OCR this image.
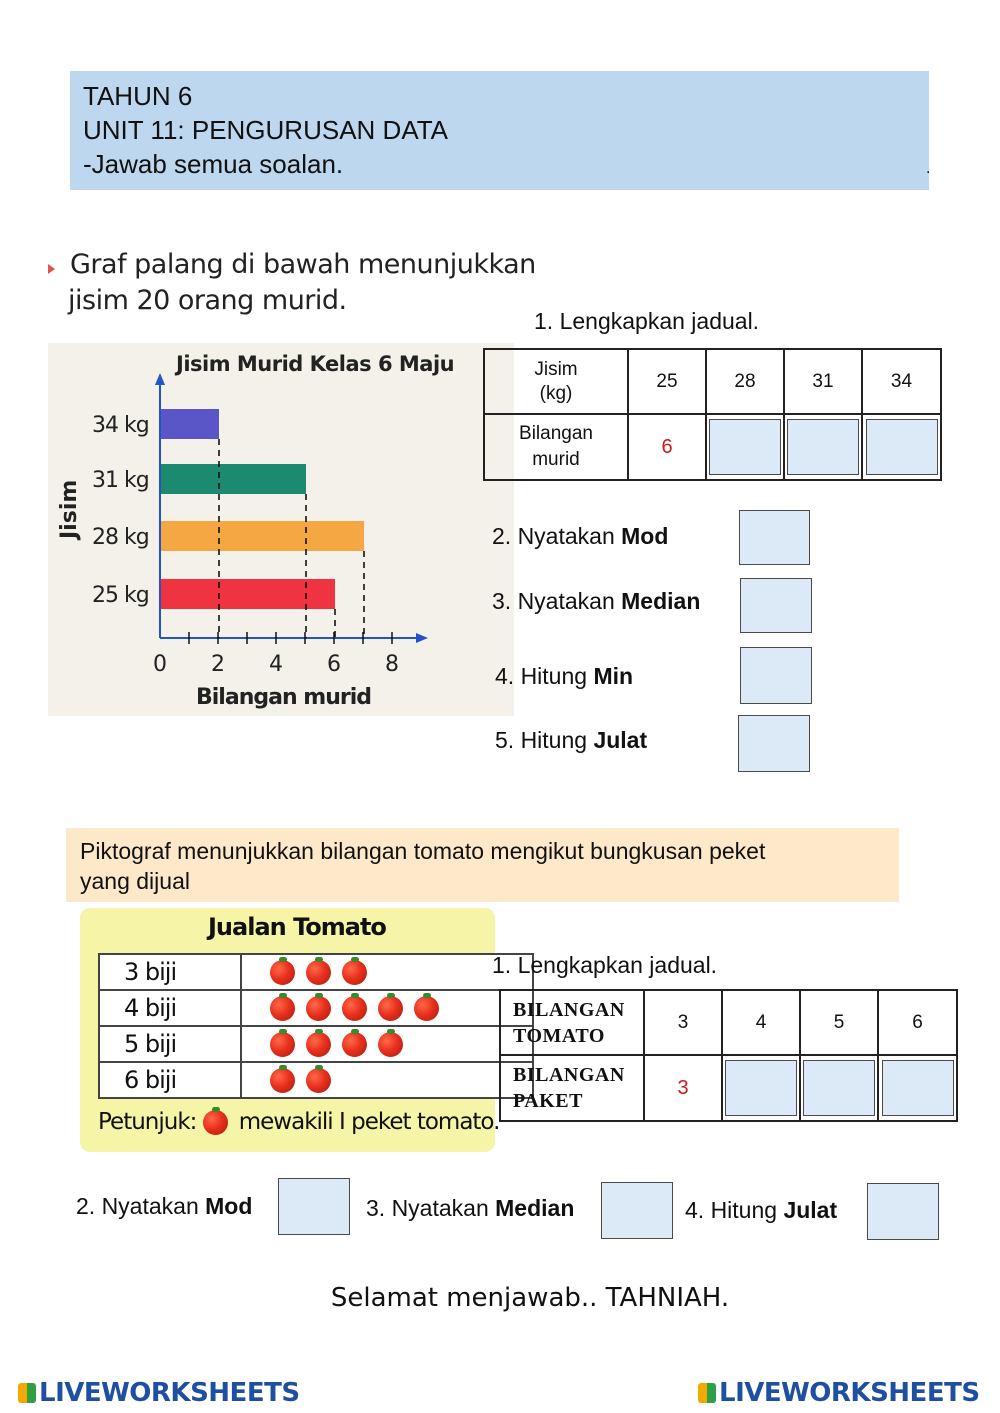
TAHUN 6
UNIT 11: PENGURUSAN DATA
-Jawab semua soalan.	.
Graf palang di bawah menunjukkan
jisim 20 orang murid.
Jisim Murid Kelas 6 Maju
25 kg
28 kg
31 kg
34 kg
0 2 4 6 8
Bilangan murid
Jisim
1. Lengkapkan jadual.
Jisim
(kg)	25	28	31	34
Bilangan
murid	6	

2. Nyatakan Mod
3. Nyatakan Median
4. Hitung Min
5. Hitung Julat
Piktograf menunjukkan bilangan tomato mengikut bungkusan peket
yang dijual
Jualan Tomato
3 biji	
4 biji	
5 biji	
6 biji	
Petunjuk: mewakili I peket tomato.
1. Lengkapkan jadual.
BILANGAN
TOMATO	3	4	5	6
BILANGAN
PAKET	3	

2. Nyatakan Mod	3. Nyatakan Median	4. Hitung Julat
Selamat menjawab.. TAHNIAH.
LIVEWORKSHEETS	LIVEWORKSHEETS
